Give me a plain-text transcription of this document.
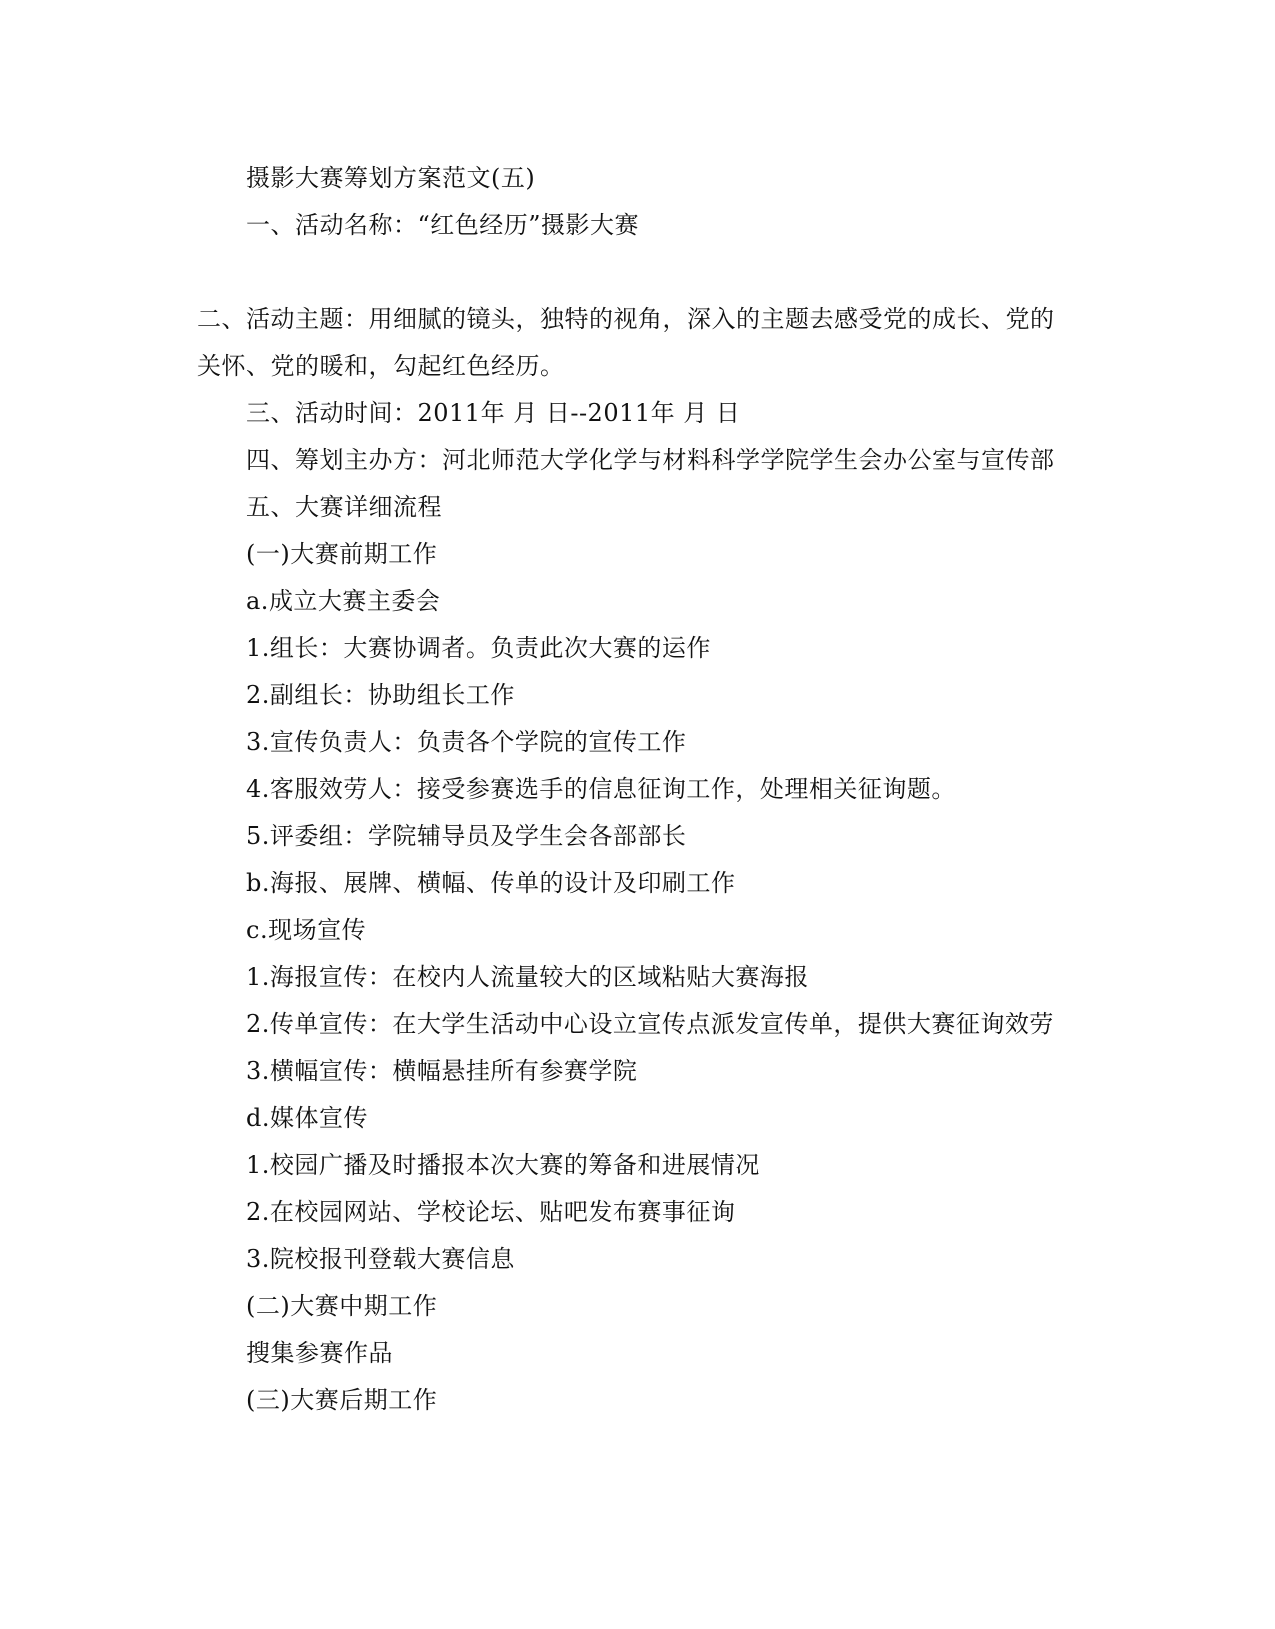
摄影大赛筹划方案范文(五)
一、活动名称：“红色经历”摄影大赛
二、活动主题：用细腻的镜头，独特的视角，深入的主题去感受党的成长、党的
关怀、党的暖和，勾起红色经历。
三、活动时间：2011年 月 日--2011年 月 日
四、筹划主办方：河北师范大学化学与材料科学学院学生会办公室与宣传部
五、大赛详细流程
(一)大赛前期工作
a.成立大赛主委会
1.组长：大赛协调者。负责此次大赛的运作
2.副组长：协助组长工作
3.宣传负责人：负责各个学院的宣传工作
4.客服效劳人：接受参赛选手的信息征询工作，处理相关征询题。
5.评委组：学院辅导员及学生会各部部长
b.海报、展牌、横幅、传单的设计及印刷工作
c.现场宣传
1.海报宣传：在校内人流量较大的区域粘贴大赛海报
2.传单宣传：在大学生活动中心设立宣传点派发宣传单，提供大赛征询效劳
3.横幅宣传：横幅悬挂所有参赛学院
d.媒体宣传
1.校园广播及时播报本次大赛的筹备和进展情况
2.在校园网站、学校论坛、贴吧发布赛事征询
3.院校报刊登载大赛信息
(二)大赛中期工作
搜集参赛作品
(三)大赛后期工作
